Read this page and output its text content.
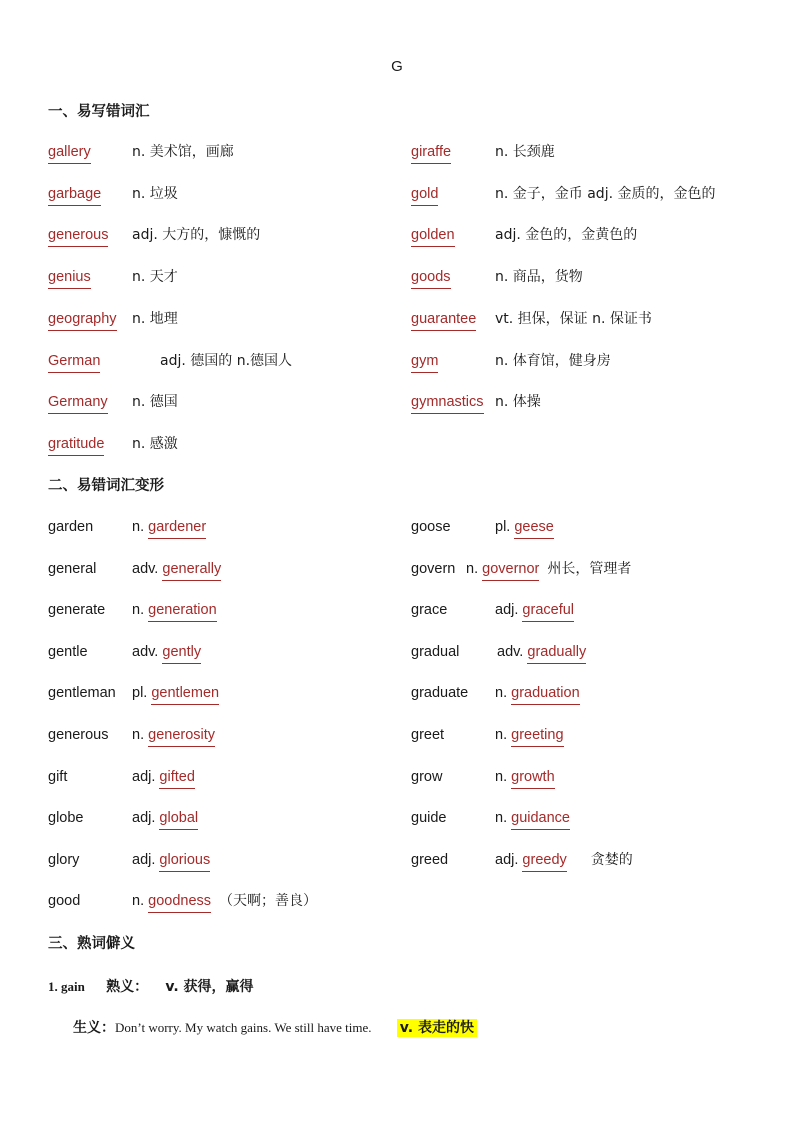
G
一、易写错词汇
gallery	n. 美术馆，画廊	giraffe	n. 长颈鹿
garbage n. 垃圾	gold	n. 金子，金币 adj. 金质的，金色的
generous adj. 大方的，慷慨的	golden	adj. 金色的，金黄色的
genius	n. 天才	goods	n. 商品，货物
geography n. 地理	guarantee vt. 担保，保证 n. 保证书
German	adj. 德国的 n.德国人	gym	n. 体育馆，健身房
Germany n. 德国	gymnastics n. 体操
gratitude n. 感激
二、易错词汇变形
garden	n. gardener	goose	pl. geese
general adv. generally	govern n. governor 州长，管理者
generate n. generation	grace	adj. graceful
gentle	adv. gently	gradual	adv. gradually
gentleman pl. gentlemen	graduate n. graduation
generous n. generosity	greet	n. greeting
gift	adj. gifted	grow	n. growth
globe	adj. global	guide	n. guidance
glory	adj. glorious	greed	adj. greedy 贪婪的
good	n. goodness （天啊；善良）
三、熟词僻义
1. gain 熟义： v. 获得，赢得
生义：Don’t worry. My watch gains. We still have time. v. 表走的快
